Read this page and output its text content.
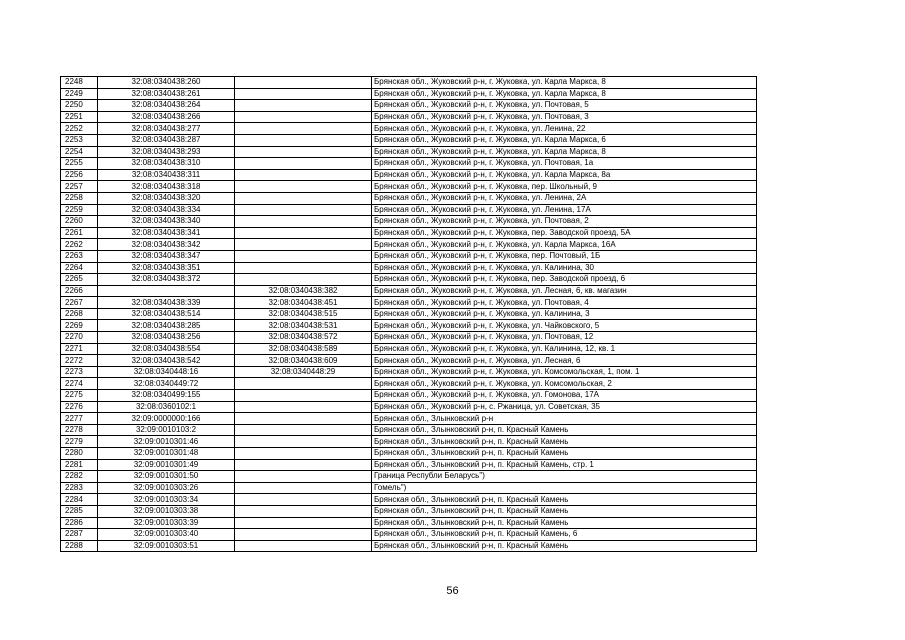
2248	32:08:0340438:260		Брянская обл., Жуковский р-н, г. Жуковка, ул. Карла Маркса, 8
2249	32:08:0340438:261		Брянская обл., Жуковский р-н, г. Жуковка, ул. Карла Маркса, 8
2250	32:08:0340438:264		Брянская обл., Жуковский р-н, г. Жуковка, ул. Почтовая, 5
2251	32:08:0340438:266		Брянская обл., Жуковский р-н, г. Жуковка, ул. Почтовая, 3
2252	32:08:0340438:277		Брянская обл., Жуковский р-н, г. Жуковка, ул. Ленина, 22
2253	32:08:0340438:287		Брянская обл., Жуковский р-н, г. Жуковка, ул. Карла Маркса, 6
2254	32:08:0340438:293		Брянская обл., Жуковский р-н, г. Жуковка, ул. Карла Маркса, 8
2255	32:08:0340438:310		Брянская обл., Жуковский р-н, г. Жуковка, ул. Почтовая, 1а
2256	32:08:0340438:311		Брянская обл., Жуковский р-н, г. Жуковка, ул. Карла Маркса, 8а
2257	32:08:0340438:318		Брянская обл., Жуковский р-н, г. Жуковка, пер. Школьный, 9
2258	32:08:0340438:320		Брянская обл., Жуковский р-н, г. Жуковка, ул. Ленина, 2А
2259	32:08:0340438:334		Брянская обл., Жуковский р-н, г. Жуковка, ул. Ленина, 17А
2260	32:08:0340438:340		Брянская обл., Жуковский р-н, г. Жуковка, ул. Почтовая, 2
2261	32:08:0340438:341		Брянская обл., Жуковский р-н, г. Жуковка, пер. Заводской проезд, 5А
2262	32:08:0340438:342		Брянская обл., Жуковский р-н, г. Жуковка, ул. Карла Маркса, 16А
2263	32:08:0340438:347		Брянская обл., Жуковский р-н, г. Жуковка, пер. Почтовый, 1Б
2264	32:08:0340438:351		Брянская обл., Жуковский р-н, г. Жуковка, ул. Калинина, 30
2265	32:08:0340438:372		Брянская обл., Жуковский р-н, г. Жуковка, пер. Заводской проезд, 6
2266		32:08:0340438:382	Брянская обл., Жуковский р-н, г. Жуковка, ул. Лесная, 6, кв. магазин
2267	32:08:0340438:339	32:08:0340438:451	Брянская обл., Жуковский р-н, г. Жуковка, ул. Почтовая, 4
2268	32:08:0340438:514	32:08:0340438:515	Брянская обл., Жуковский р-н, г. Жуковка, ул. Калинина, 3
2269	32:08:0340438:285	32:08:0340438:531	Брянская обл., Жуковский р-н, г. Жуковка, ул. Чайковского, 5
2270	32:08:0340438:256	32:08:0340438:572	Брянская обл., Жуковский р-н, г. Жуковка, ул. Почтовая, 12
2271	32:08:0340438:554	32:08:0340438:589	Брянская обл., Жуковский р-н, г. Жуковка, ул. Калинина, 12, кв. 1
2272	32:08:0340438:542	32:08:0340438:609	Брянская обл., Жуковский р-н, г. Жуковка, ул. Лесная, 6
2273	32:08:0340448:16	32:08:0340448:29	Брянская обл., Жуковский р-н, г. Жуковка, ул. Комсомольская, 1, пом. 1
2274	32:08:0340449:72		Брянская обл., Жуковский р-н, г. Жуковка, ул. Комсомольская, 2
2275	32:08:0340499:155		Брянская обл., Жуковский р-н, г. Жуковка, ул. Гомонова, 17А
2276	32:08:0360102:1		Брянская обл., Жуковский р-н, с. Ржаница, ул. Советская, 35
2277	32:09:0000000:166		Брянская обл., Злынковский р-н
2278	32:09:0010103:2		Брянская обл., Злынковский р-н, п. Красный Камень
2279	32:09:0010301:46		Брянская обл., Злынковский р-н, п. Красный Камень
2280	32:09:0010301:48		Брянская обл., Злынковский р-н, п. Красный Камень
2281	32:09:0010301:49		Брянская обл., Злынковский р-н, п. Красный Камень, стр. 1
2282	32:09:0010301:50		Граница Республи Беларусь")
2283	32:09:0010303:26		Гомель")
2284	32:09:0010303:34		Брянская обл., Злынковский р-н, п. Красный Камень
2285	32:09:0010303:38		Брянская обл., Злынковский р-н, п. Красный Камень
2286	32:09:0010303:39		Брянская обл., Злынковский р-н, п. Красный Камень
2287	32:09:0010303:40		Брянская обл., Злынковский р-н, п. Красный Камень, 6
2288	32:09:0010303:51		Брянская обл., Злынковский р-н, п. Красный Камень
56
